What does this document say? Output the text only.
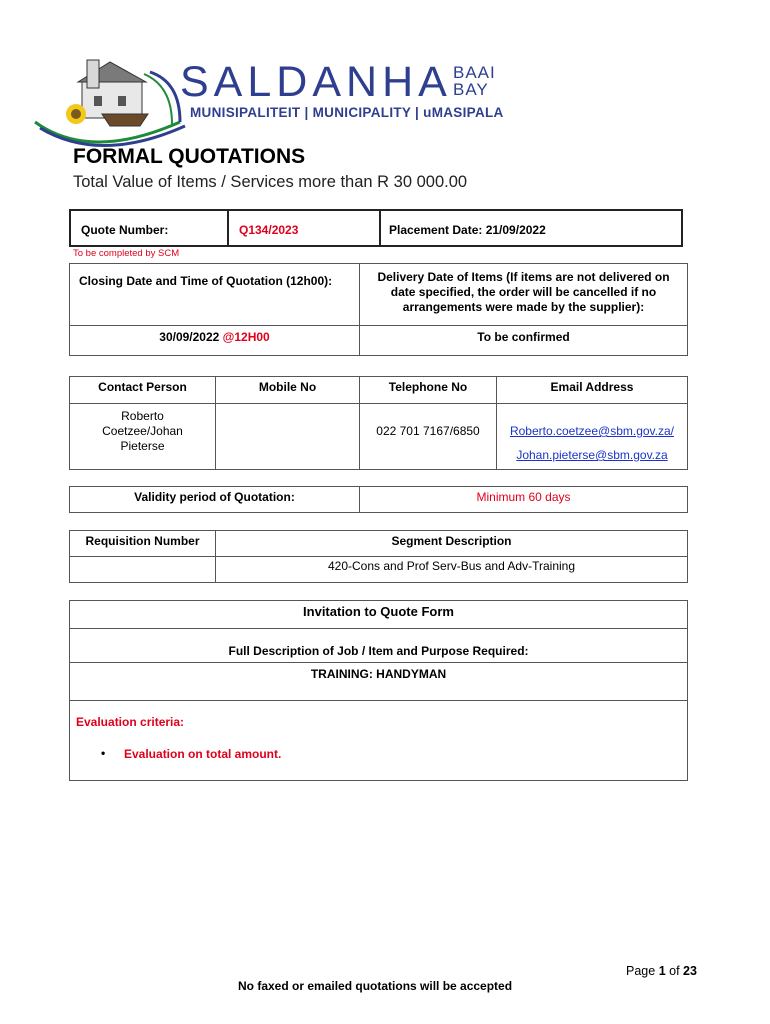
SALDANHA BAAI
BAY
MUNISIPALITEIT | MUNICIPALITY | uMASIPALA
FORMAL QUOTATIONS
Total Value of Items / Services more than R 30 000.00
Quote Number:	Q134/2023	Placement Date: 21/09/2022
To be completed by SCM
Closing Date and Time of Quotation (12h00):	Delivery Date of Items (If items are not delivered on date specified, the order will be cancelled if no arrangements were made by the supplier):
30/09/2022 @12H00	To be confirmed
Contact Person	Mobile No	Telephone No	Email Address
Roberto Coetzee/Johan Pieterse		022 701 7167/6850	Roberto.coetzee@sbm.gov.za/
Johan.pieterse@sbm.gov.za
Validity period of Quotation:	Minimum 60 days
Requisition Number	Segment Description
	420-Cons and Prof Serv-Bus and Adv-Training
Invitation to Quote Form
Full Description of Job / Item and Purpose Required:
TRAINING: HANDYMAN

Evaluation criteria:
• Evaluation on total amount.
Page 1 of 23
No faxed or emailed quotations will be accepted
